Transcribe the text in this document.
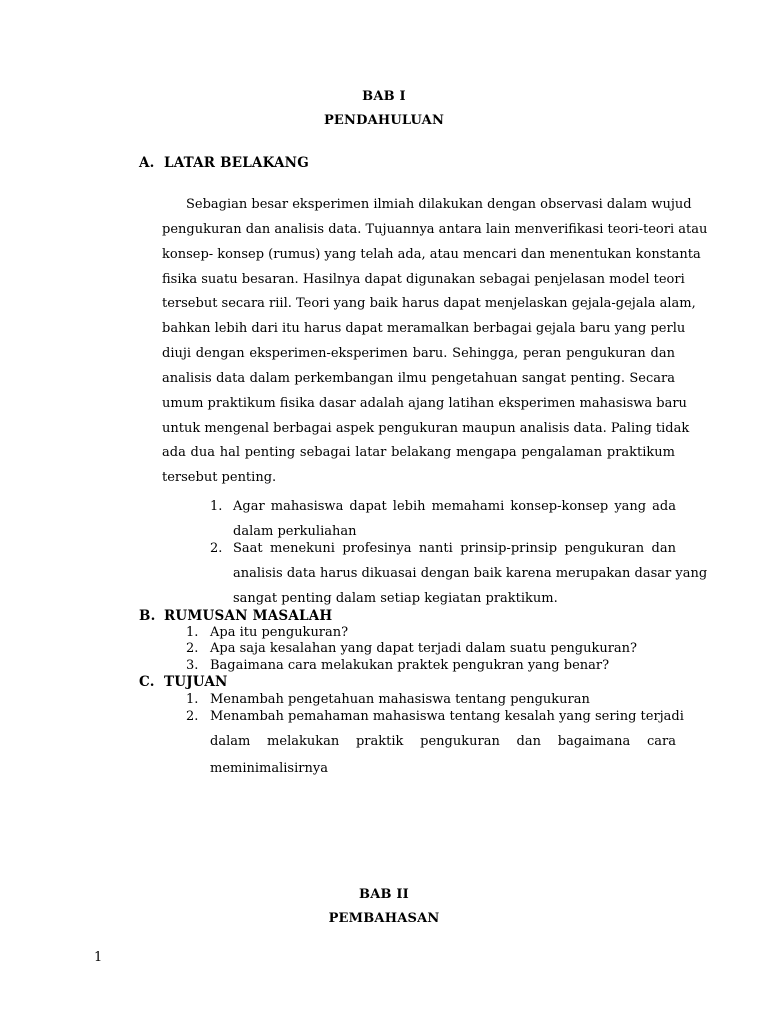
BAB I
PENDAHULUAN
A. LATAR BELAKANG
Sebagian besar eksperimen ilmiah dilakukan dengan observasi dalam wujud
pengukuran dan analisis data. Tujuannya antara lain menverifikasi teori-teori atau
konsep- konsep (rumus) yang telah ada, atau mencari dan menentukan konstanta
fisika suatu besaran. Hasilnya dapat digunakan sebagai penjelasan model teori
tersebut secara riil. Teori yang baik harus dapat menjelaskan gejala-gejala alam,
bahkan lebih dari itu harus dapat meramalkan berbagai gejala baru yang perlu
diuji dengan eksperimen-eksperimen baru. Sehingga, peran pengukuran dan
analisis data dalam perkembangan ilmu pengetahuan sangat penting. Secara
umum praktikum fisika dasar adalah ajang latihan eksperimen mahasiswa baru
untuk mengenal berbagai aspek pengukuran maupun analisis data. Paling tidak
ada dua hal penting sebagai latar belakang mengapa pengalaman praktikum
tersebut penting.
1. Agar mahasiswa dapat lebih memahami konsep-konsep yang ada
dalam perkuliahan
2. Saat menekuni profesinya nanti prinsip-prinsip pengukuran dan
analisis data harus dikuasai dengan baik karena merupakan dasar yang
sangat penting dalam setiap kegiatan praktikum.
B. RUMUSAN MASALAH
1. Apa itu pengukuran?
2. Apa saja kesalahan yang dapat terjadi dalam suatu pengukuran?
3. Bagaimana cara melakukan praktek pengukran yang benar?
C. TUJUAN
1. Menambah pengetahuan mahasiswa tentang pengukuran
2. Menambah pemahaman mahasiswa tentang kesalah yang sering terjadi
dalam melakukan praktik pengukuran dan bagaimana cara
meminimalisirnya
BAB II
PEMBAHASAN
1
